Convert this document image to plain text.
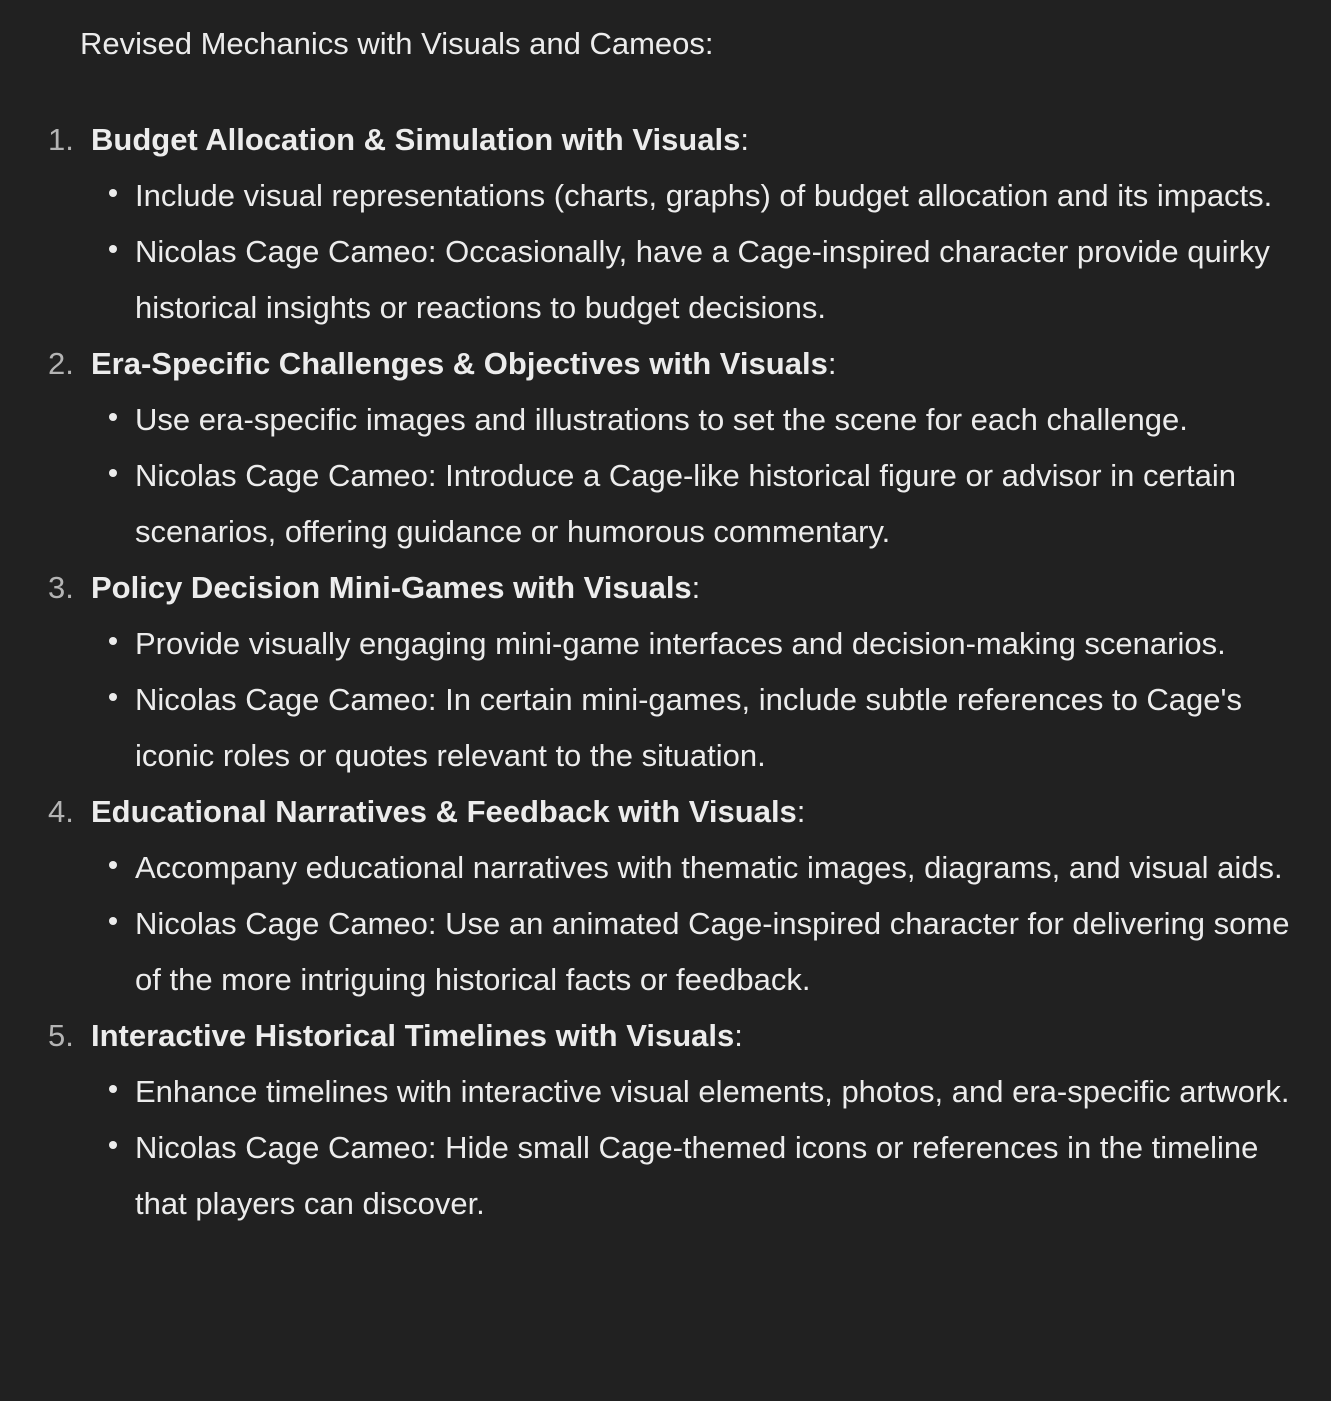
Revised Mechanics with Visuals and Cameos:

1. Budget Allocation & Simulation with Visuals:
Include visual representations (charts, graphs) of budget allocation and its impacts.
Nicolas Cage Cameo: Occasionally, have a Cage-inspired character provide quirky historical insights or reactions to budget decisions.
2. Era-Specific Challenges & Objectives with Visuals:
Use era-specific images and illustrations to set the scene for each challenge.
Nicolas Cage Cameo: Introduce a Cage-like historical figure or advisor in certain scenarios, offering guidance or humorous commentary.
3. Policy Decision Mini-Games with Visuals:
Provide visually engaging mini-game interfaces and decision-making scenarios.
Nicolas Cage Cameo: In certain mini-games, include subtle references to Cage's iconic roles or quotes relevant to the situation.
4. Educational Narratives & Feedback with Visuals:
Accompany educational narratives with thematic images, diagrams, and visual aids.
Nicolas Cage Cameo: Use an animated Cage-inspired character for delivering some of the more intriguing historical facts or feedback.
5. Interactive Historical Timelines with Visuals:
Enhance timelines with interactive visual elements, photos, and era-specific artwork.
Nicolas Cage Cameo: Hide small Cage-themed icons or references in the timeline that players can discover.
